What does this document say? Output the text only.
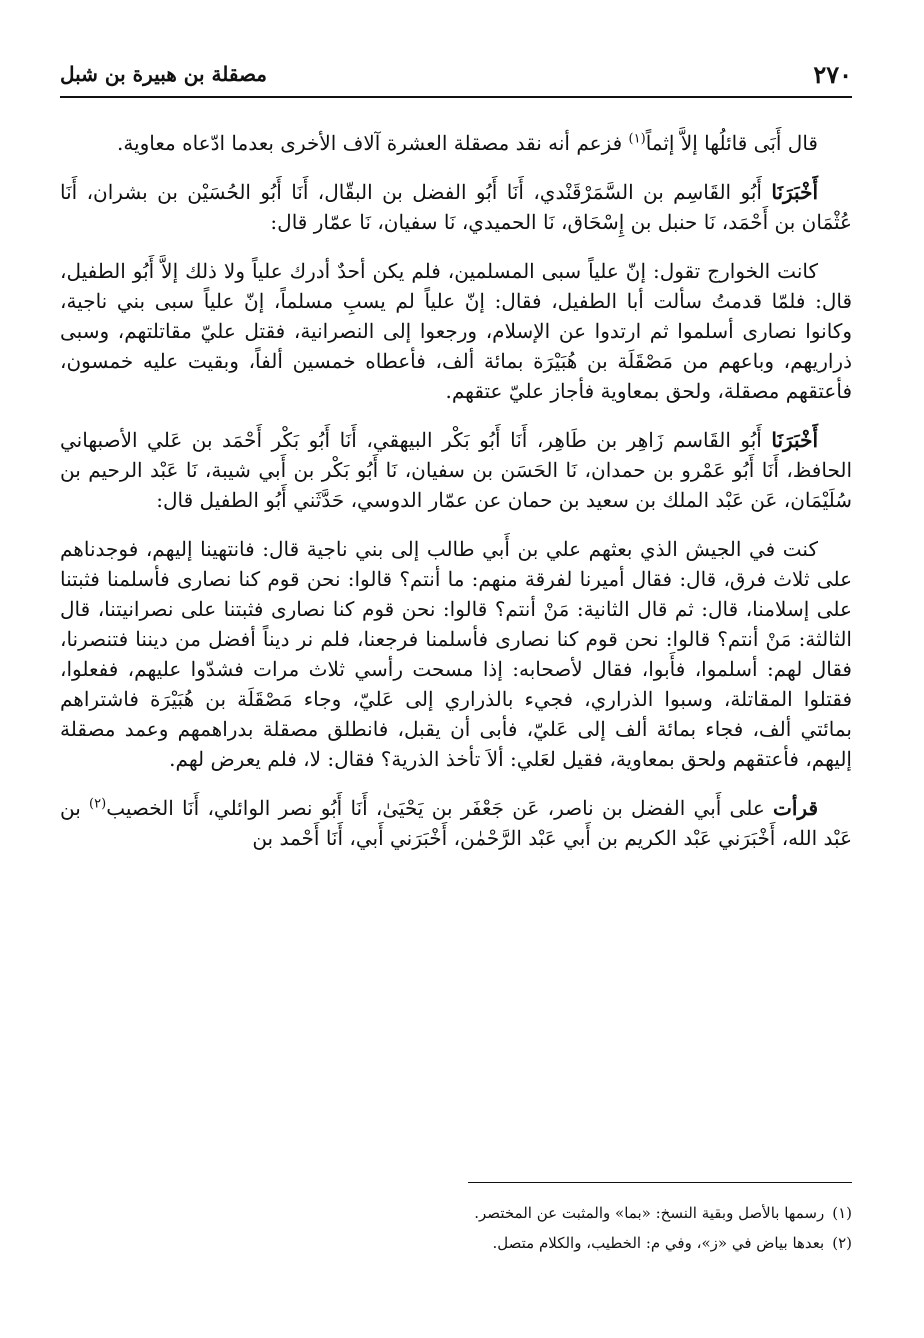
٢٧٠
مصقلة بن هبيرة بن شبل

قال أَبَى قائلُها إلاَّ إثماً$^{(١)}$ فزعم أنه نقد مصقلة العشرة آلاف الأخرى بعدما ادّعاه معاوية.

أَخْبَرَنَا أَبُو القَاسِم بن السَّمَرْقَنْدي، أَنَا أَبُو الفضل بن البقّال، أَنَا أَبُو الحُسَيْن بن بشران، أَنَا عُثْمَان بن أَحْمَد، نَا حنبل بن إِسْحَاق، نَا الحميدي، نَا سفيان، نَا عمّار قال:

كانت الخوارج تقول: إنّ علياً سبى المسلمين، فلم يكن أحدٌ أدرك علياً ولا ذلك إلاَّ أَبُو الطفيل، قال: فلمّا قدمتُ سألت أبا الطفيل، فقال: إنّ علياً لم يسبِ مسلماً، إنّ علياً سبى بني ناجية، وكانوا نصارى أسلموا ثم ارتدوا عن الإسلام، ورجعوا إلى النصرانية، فقتل عليّ مقاتلتهم، وسبى ذراريهم، وباعهم من مَصْقَلَة بن هُبَيْرَة بمائة ألف، فأعطاه خمسين ألفاً، وبقيت عليه خمسون، فأعتقهم مصقلة، ولحق بمعاوية فأجاز عليّ عتقهم.

أَخْبَرَنَا أَبُو القَاسم زَاهِر بن طَاهِر، أَنَا أَبُو بَكْر البيهقي، أَنَا أَبُو بَكْر أَحْمَد بن عَلي الأصبهاني الحافظ، أَنَا أَبُو عَمْرو بن حمدان، نَا الحَسَن بن سفيان، نَا أَبُو بَكْر بن أَبي شيبة، نَا عَبْد الرحيم بن سُلَيْمَان، عَن عَبْد الملك بن سعيد بن حمان عن عمّار الدوسي، حَدَّثَني أَبُو الطفيل قال:

كنت في الجيش الذي بعثهم علي بن أَبي طالب إلى بني ناجية قال: فانتهينا إليهم، فوجدناهم على ثلاث فرق، قال: فقال أميرنا لفرقة منهم: ما أنتم؟ قالوا: نحن قوم كنا نصارى فأسلمنا فثبتنا على إسلامنا، قال: ثم قال الثانية: مَنْ أنتم؟ قالوا: نحن قوم كنا نصارى فثبتنا على نصرانيتنا، قال الثالثة: مَنْ أنتم؟ قالوا: نحن قوم كنا نصارى فأسلمنا فرجعنا، فلم نر ديناً أفضل من ديننا فتنصرنا، فقال لهم: أسلموا، فأَبوا، فقال لأصحابه: إذا مسحت رأسي ثلاث مرات فشدّوا عليهم، ففعلوا، فقتلوا المقاتلة، وسبوا الذراري، فجيء بالذراري إلى عَليّ، وجاء مَصْقَلَة بن هُبَيْرَة فاشتراهم بمائتي ألف، فجاء بمائة ألف إلى عَليّ، فأبى أن يقبل، فانطلق مصقلة بدراهمهم وعمد مصقلة إليهم، فأعتقهم ولحق بمعاوية، فقيل لعَلي: ألاَ تأخذ الذرية؟ فقال: لا، فلم يعرض لهم.

قرأت على أَبي الفضل بن ناصر، عَن جَعْفَر بن يَحْيَىٰ، أَنَا أَبُو نصر الوائلي، أَنَا الخصيب$^{(٢)}$ بن عَبْد الله، أَخْبَرَني عَبْد الكريم بن أَبي عَبْد الرَّحْمٰن، أَخْبَرَني أَبي، أَنَا أَحْمد بن

(١)رسمها بالأصل وبقية النسخ: «بما» والمثبت عن المختصر.

(٢)بعدها بياض في «ز»، وفي م: الخطيب، والكلام متصل.
